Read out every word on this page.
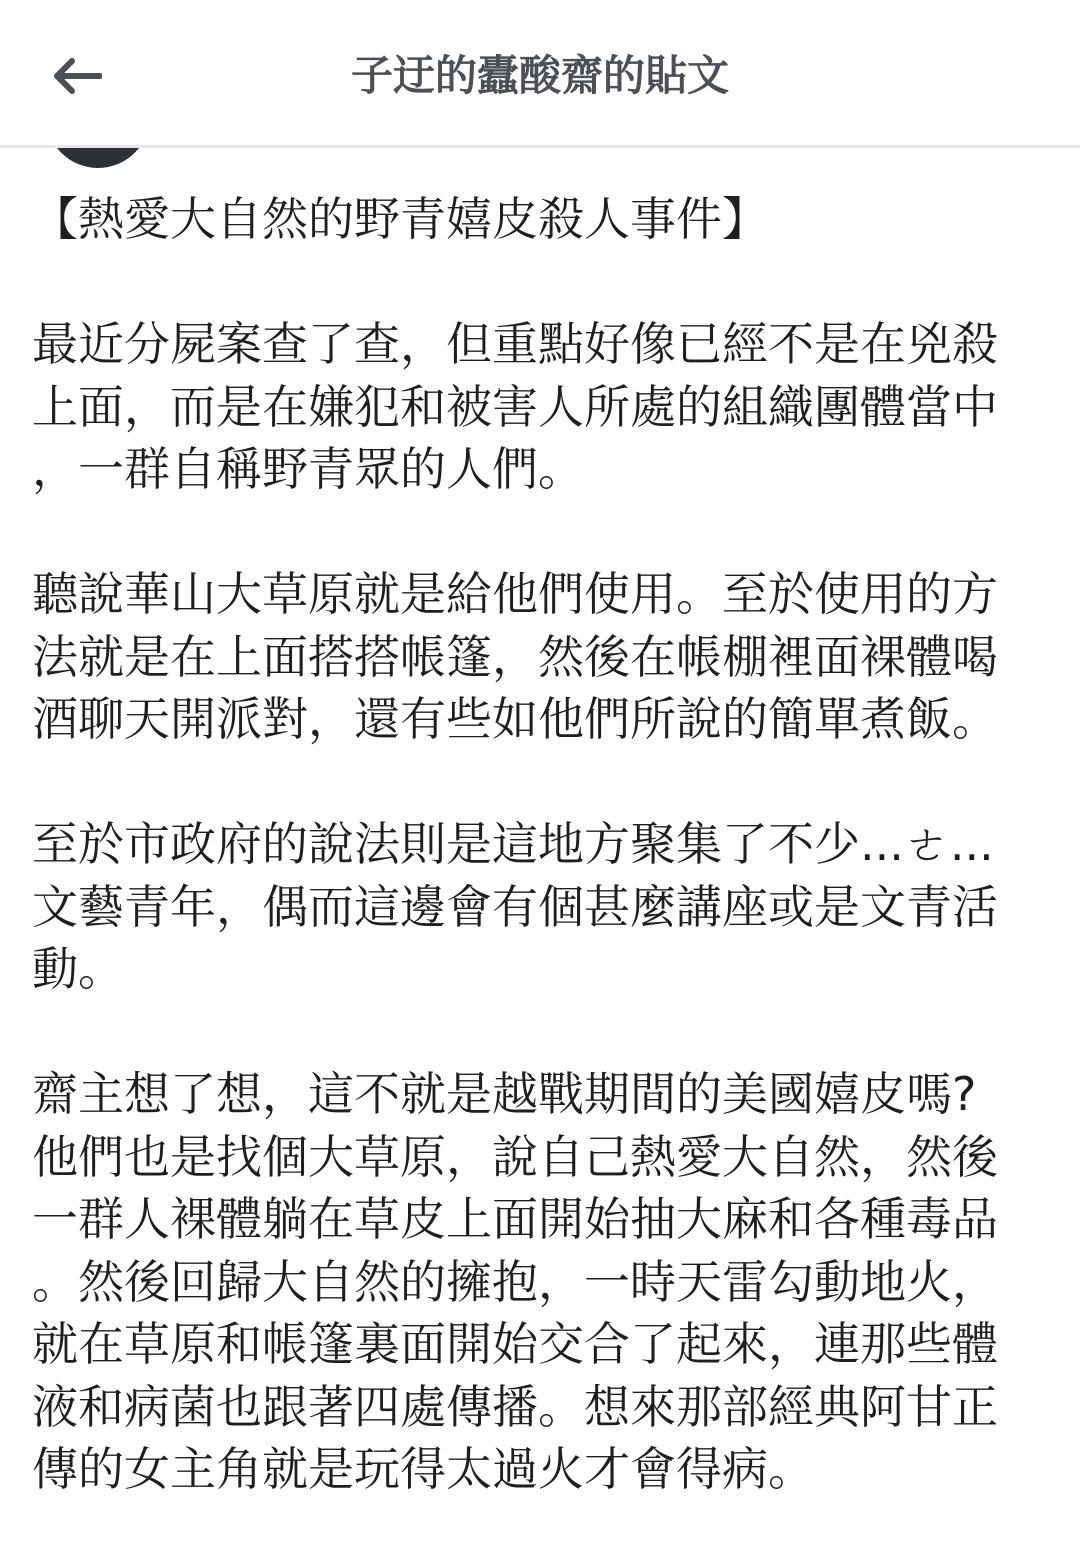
子迂的蠹酸齋的貼文
【熱愛大自然的野青嬉皮殺人事件】
最近分屍案查了查，但重點好像已經不是在兇殺
上面，而是在嫌犯和被害人所處的組織團體當中
，一群自稱野青眾的人們。
聽說華山大草原就是給他們使用。至於使用的方
法就是在上面搭搭帳篷，然後在帳棚裡面裸體喝
酒聊天開派對，還有些如他們所說的簡單煮飯。
至於市政府的說法則是這地方聚集了不少...ㄜ...
文藝青年，偶而這邊會有個甚麼講座或是文青活
動。
齋主想了想，這不就是越戰期間的美國嬉皮嗎?
他們也是找個大草原，說自己熱愛大自然，然後
一群人裸體躺在草皮上面開始抽大麻和各種毒品
。然後回歸大自然的擁抱，一時天雷勾動地火，
就在草原和帳篷裏面開始交合了起來，連那些體
液和病菌也跟著四處傳播。想來那部經典阿甘正
傳的女主角就是玩得太過火才會得病。
